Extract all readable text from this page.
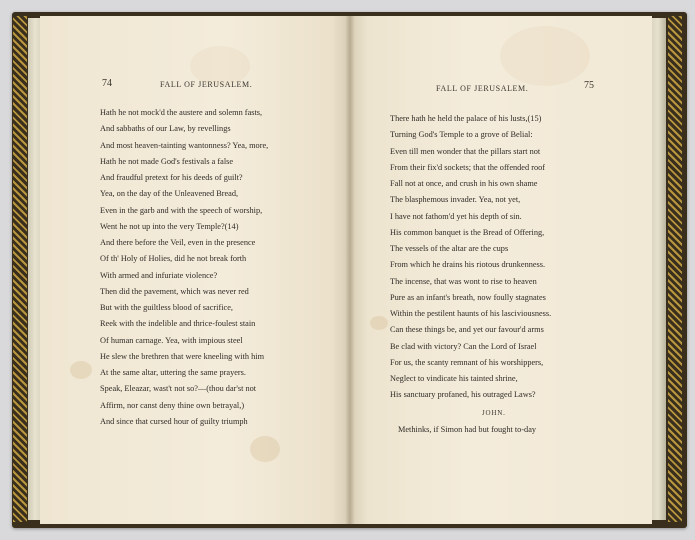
74	FALL OF JERUSALEM.
Hath he not mock'd the austere and solemn fasts,
And sabbaths of our Law, by revellings
And most heaven-tainting wantonness? Yea, more,
Hath he not made God's festivals a false
And fraudful pretext for his deeds of guilt?
Yea, on the day of the Unleavened Bread,
Even in the garb and with the speech of worship,
Went he not up into the very Temple?(14)
And there before the Veil, even in the presence
Of th' Holy of Holies, did he not break forth
With armed and infuriate violence?
Then did the pavement, which was never red
But with the guiltless blood of sacrifice,
Reek with the indelible and thrice-foulest stain
Of human carnage. Yea, with impious steel
He slew the brethren that were kneeling with him
At the same altar, uttering the same prayers.
Speak, Eleazar, wast't not so?—(thou dar'st not
Affirm, nor canst deny thine own betrayal,)
And since that cursed hour of guilty triumph
FALL OF JERUSALEM.	75
There hath he held the palace of his lusts,(15)
Turning God's Temple to a grove of Belial:
Even till men wonder that the pillars start not
From their fix'd sockets; that the offended roof
Fall not at once, and crush in his own shame
The blasphemous invader. Yea, not yet,
I have not fathom'd yet his depth of sin.
His common banquet is the Bread of Offering,
The vessels of the altar are the cups
From which he drains his riotous drunkenness.
The incense, that was wont to rise to heaven
Pure as an infant's breath, now foully stagnates
Within the pestilent haunts of his lasciviousness.
Can these things be, and yet our favour'd arms
Be clad with victory? Can the Lord of Israel
For us, the scanty remnant of his worshippers,
Neglect to vindicate his tainted shrine,
His sanctuary profaned, his outraged Laws?
JOHN.
Methinks, if Simon had but fought to-day
